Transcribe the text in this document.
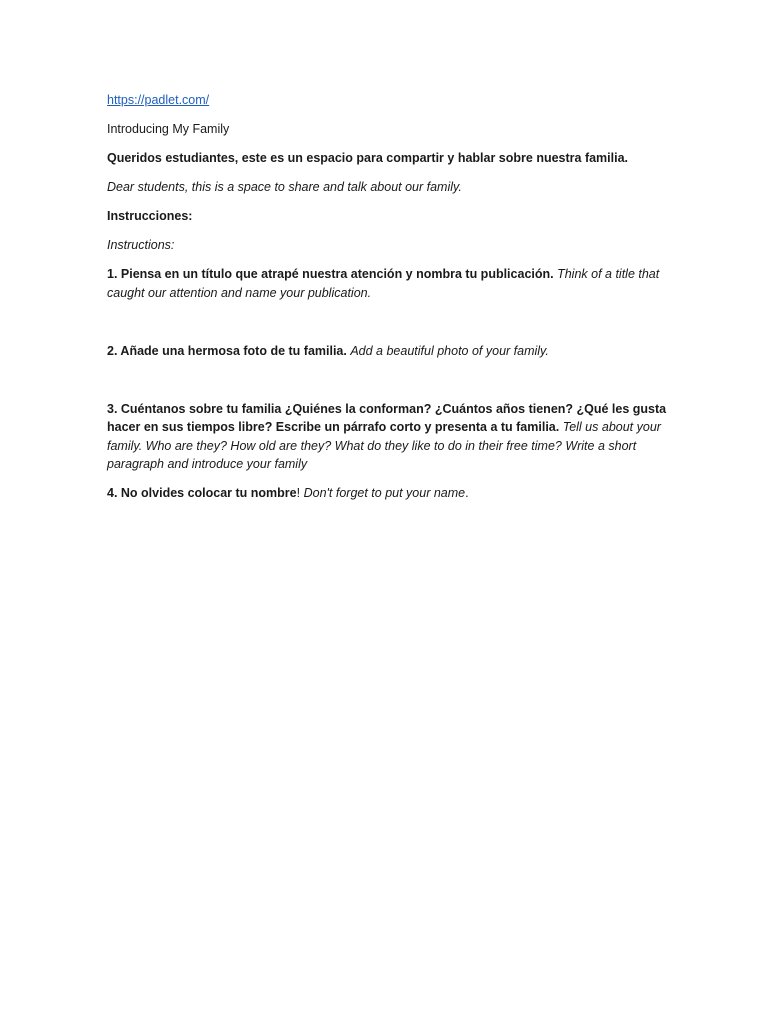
https://padlet.com/

Introducing My Family

Queridos estudiantes, este es un espacio para compartir y hablar sobre nuestra familia.

Dear students, this is a space to share and talk about our family.

Instrucciones:

Instructions:

1. Piensa en un título que atrapé nuestra atención y nombra tu publicación. Think of a title that caught our attention and name your publication.

2. Añade una hermosa foto de tu familia. Add a beautiful photo of your family.

3. Cuéntanos sobre tu familia ¿Quiénes la conforman? ¿Cuántos años tienen? ¿Qué les gusta hacer en sus tiempos libre? Escribe un párrafo corto y presenta a tu familia. Tell us about your family. Who are they? How old are they? What do they like to do in their free time? Write a short paragraph and introduce your family

4. No olvides colocar tu nombre! Don't forget to put your name.
